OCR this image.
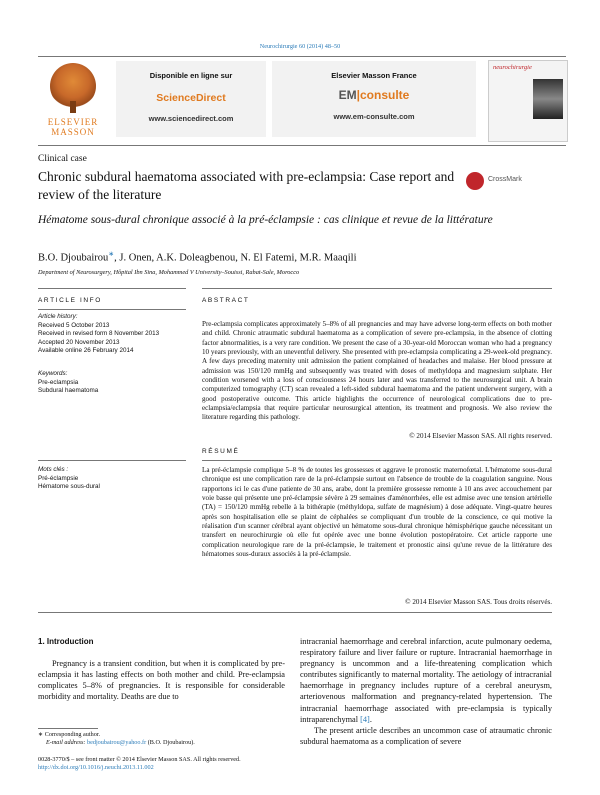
Neurochirurgie 60 (2014) 48–50
ELSEVIER
MASSON
Disponible en ligne sur
ScienceDirect
www.sciencedirect.com
Elsevier Masson France
EM|consulte
www.em-consulte.com
neurochirurgie
Clinical case
Chronic subdural haematoma associated with pre-eclampsia: Case report and review of the literature
CrossMark
Hématome sous-dural chronique associé à la pré-éclampsie : cas clinique et revue de la littérature
B.O. Djoubairou∗, J. Onen, A.K. Doleagbenou, N. El Fatemi, M.R. Maaqili
Department of Neurosurgery, Hôpital Ibn Sina, Mohammed V University–Souissi, Rabat-Sale, Morocco
ARTICLE INFO
Article history:
Received 5 October 2013
Received in revised form 8 November 2013
Accepted 20 November 2013
Available online 26 February 2014
Keywords:
Pre-eclampsia
Subdural haematoma
ABSTRACT
Pre-eclampsia complicates approximately 5–8% of all pregnancies and may have adverse long-term effects on both mother and child. Chronic atraumatic subdural haematoma as a complication of severe pre-eclampsia, in the absence of clotting factor abnormalities, is a very rare condition. We present the case of a 30-year-old Moroccan woman who had a pregnancy 10 years previously, with an uneventful delivery. She presented with pre-eclampsia complicating a 29-week-old pregnancy. A few days preceding maternity unit admission the patient complained of headaches and malaise. Her blood pressure at admission was 150/120 mmHg and subsequently was treated with doses of methyldopa and magnesium sulphate. Her condition worsened with a loss of consciousness 24 hours later and was transferred to the neurosurgical unit. A brain computerized tomography (CT) scan revealed a left-sided subdural haematoma and the patient underwent surgery, with a good postoperative outcome. This article highlights the occurrence of neurological complications due to pre-eclampsia/eclampsia that require particular neurosurgical attention, its treatment and prognosis. We also review the literature regarding this pathology.
© 2014 Elsevier Masson SAS. All rights reserved.
RÉSUMÉ
Mots clés :
Pré-éclampsie
Hématome sous-dural
La pré-éclampsie complique 5–8 % de toutes les grossesses et aggrave le pronostic maternofœtal. L'hématome sous-dural chronique est une complication rare de la pré-éclampsie surtout en l'absence de trouble de la coagulation sanguine. Nous rapportons ici le cas d'une patiente de 30 ans, arabe, dont la première grossesse remonte à 10 ans avec accouchement par voie basse qui présente une pré-éclampsie sévère à 29 semaines d'aménorrhées, elle est admise avec une tension artérielle (TA) = 150/120 mmHg rebelle à la bithérapie (méthyldopa, sulfate de magnésium) à dose adéquate. Vingt-quatre heures après son hospitalisation elle se plaint de céphalées se compliquant d'un trouble de la conscience, ce qui motive la réalisation d'un scanner cérébral ayant objectivé un hématome sous-dural chronique hémisphérique gauche nécessitant un transfert en neurochirurgie où elle fut opérée avec une bonne évolution postopératoire. Cet article rapporte une complication neurologique rare de la pré-éclampsie, le traitement et pronostic ainsi qu'une revue de la littérature des hématomes sous-duraux associés à la pré-éclampsie.
© 2014 Elsevier Masson SAS. Tous droits réservés.
1. Introduction
Pregnancy is a transient condition, but when it is complicated by pre-eclampsia it has lasting effects on both mother and child. Pre-eclampsia complicates 5–8% of pregnancies. It is responsible for considerable morbidity and mortality. Deaths are due to
intracranial haemorrhage and cerebral infarction, acute pulmonary oedema, respiratory failure and liver failure or rupture. Intracranial haemorrhage in pregnancy is uncommon and a life-threatening complication which contributes significantly to maternal mortality. The aetiology of intracranial haemorrhage in pregnancy includes rupture of a cerebral aneurysm, arteriovenous malformation and pregnancy-related hypertension. The intracranial haemorrhage associated with pre-eclampsia is typically intraparenchymal [4].
The present article describes an uncommon case of atraumatic chronic subdural haematoma as a complication of severe
∗ Corresponding author.
E-mail address: bedjoubairou@yahoo.fr (B.O. Djoubairou).
0028-3770/$ – see front matter © 2014 Elsevier Masson SAS. All rights reserved.
http://dx.doi.org/10.1016/j.neuchi.2013.11.002
